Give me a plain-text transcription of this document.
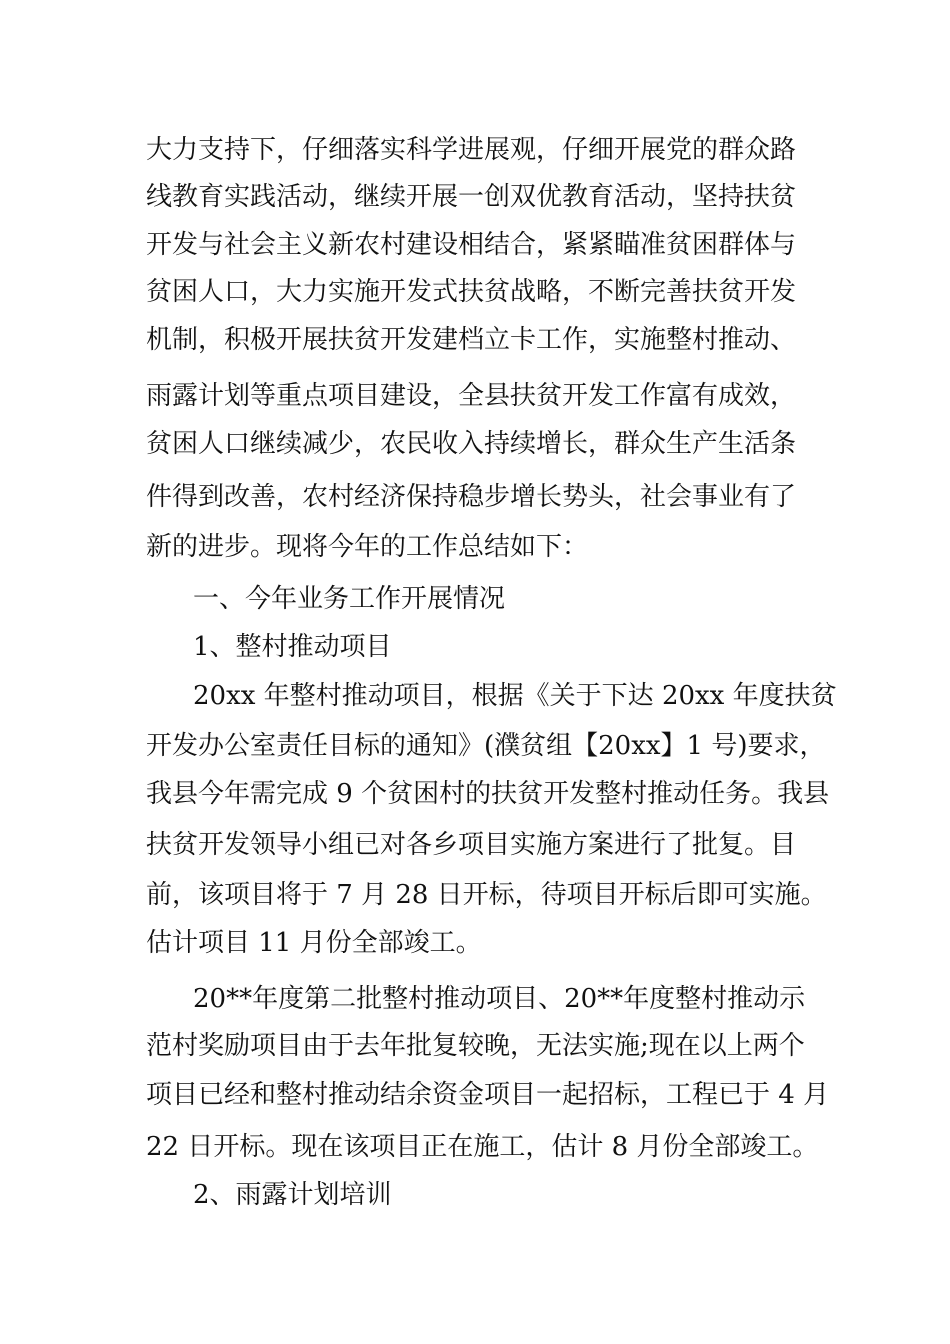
大力支持下，仔细落实科学进展观，仔细开展党的群众路
线教育实践活动，继续开展一创双优教育活动，坚持扶贫
开发与社会主义新农村建设相结合，紧紧瞄准贫困群体与
贫困人口，大力实施开发式扶贫战略，不断完善扶贫开发
机制，积极开展扶贫开发建档立卡工作，实施整村推动、
雨露计划等重点项目建设，全县扶贫开发工作富有成效，
贫困人口继续减少，农民收入持续增长，群众生产生活条
件得到改善，农村经济保持稳步增长势头，社会事业有了
新的进步。现将今年的工作总结如下：
一、今年业务工作开展情况
1、整村推动项目
20xx 年整村推动项目，根据《关于下达 20xx 年度扶贫
开发办公室责任目标的通知》(濮贫组【20xx】1 号)要求，
我县今年需完成 9 个贫困村的扶贫开发整村推动任务。我县
扶贫开发领导小组已对各乡项目实施方案进行了批复。目
前，该项目将于 7 月 28 日开标，待项目开标后即可实施。
估计项目 11 月份全部竣工。
20**年度第二批整村推动项目、20**年度整村推动示
范村奖励项目由于去年批复较晚，无法实施;现在以上两个
项目已经和整村推动结余资金项目一起招标，工程已于 4 月
22 日开标。现在该项目正在施工，估计 8 月份全部竣工。
2、雨露计划培训
